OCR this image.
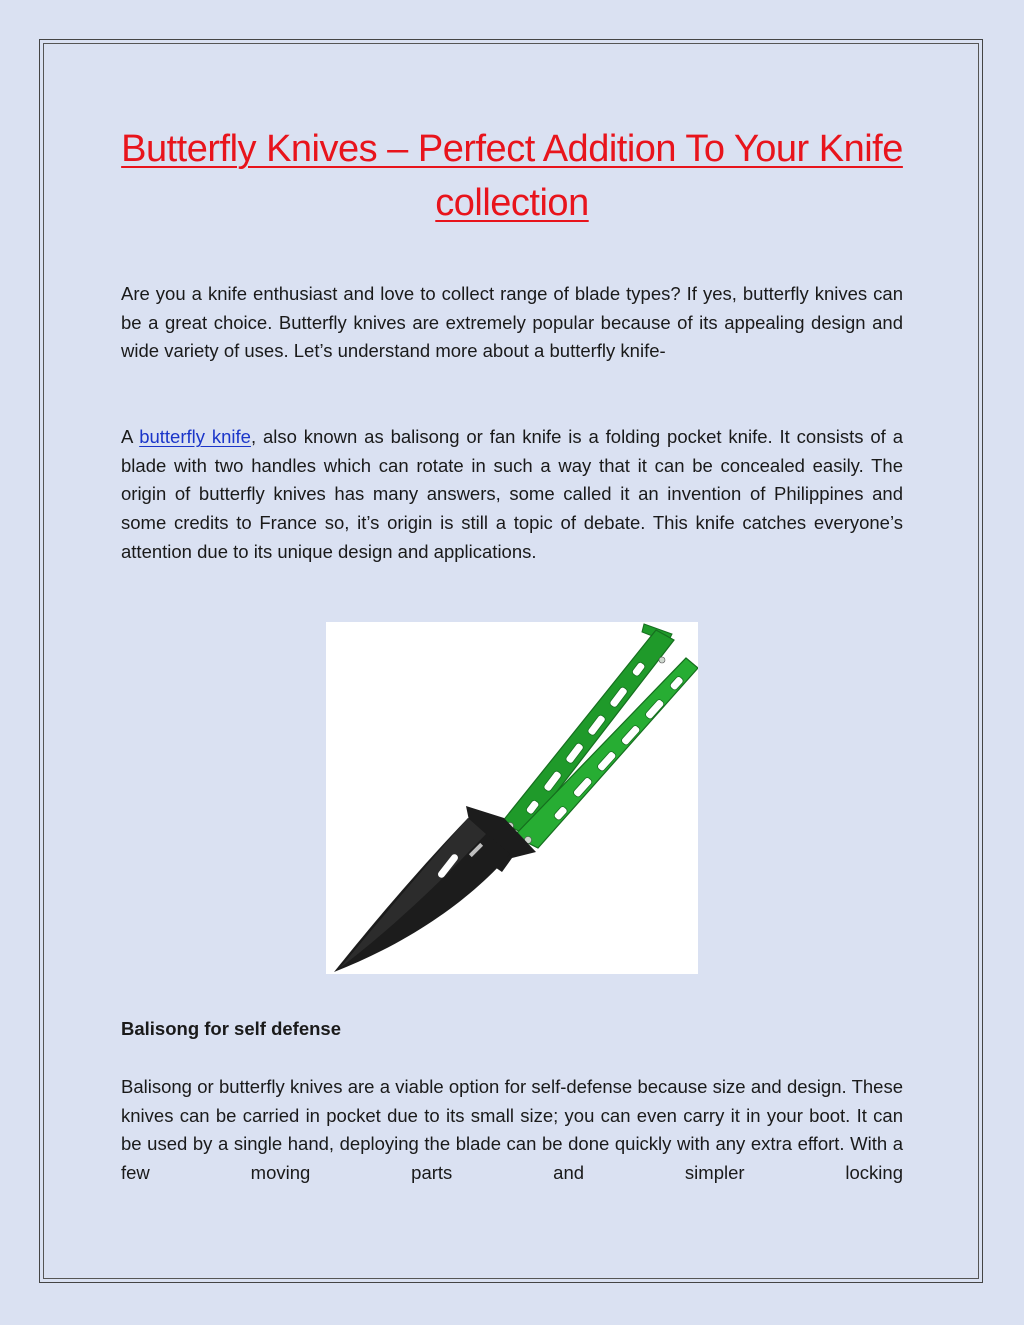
Butterfly Knives – Perfect Addition To Your Knife collection

Are you a knife enthusiast and love to collect range of blade types? If yes, butterfly knives can be a great choice. Butterfly knives are extremely popular because of its appealing design and wide variety of uses. Let’s understand more about a butterfly knife-

A butterfly knife, also known as balisong or fan knife is a folding pocket knife. It consists of a blade with two handles which can rotate in such a way that it can be concealed easily. The origin of butterfly knives has many answers, some called it an invention of Philippines and some credits to France so, it’s origin is still a topic of debate. This knife catches everyone’s attention due to its unique design and applications.

Balisong for self defense

Balisong or butterfly knives are a viable option for self-defense because size and design. These knives can be carried in pocket due to its small size; you can even carry it in your boot. It can be used by a single hand, deploying the blade can be done quickly with any extra effort. With a few moving parts and simpler locking
